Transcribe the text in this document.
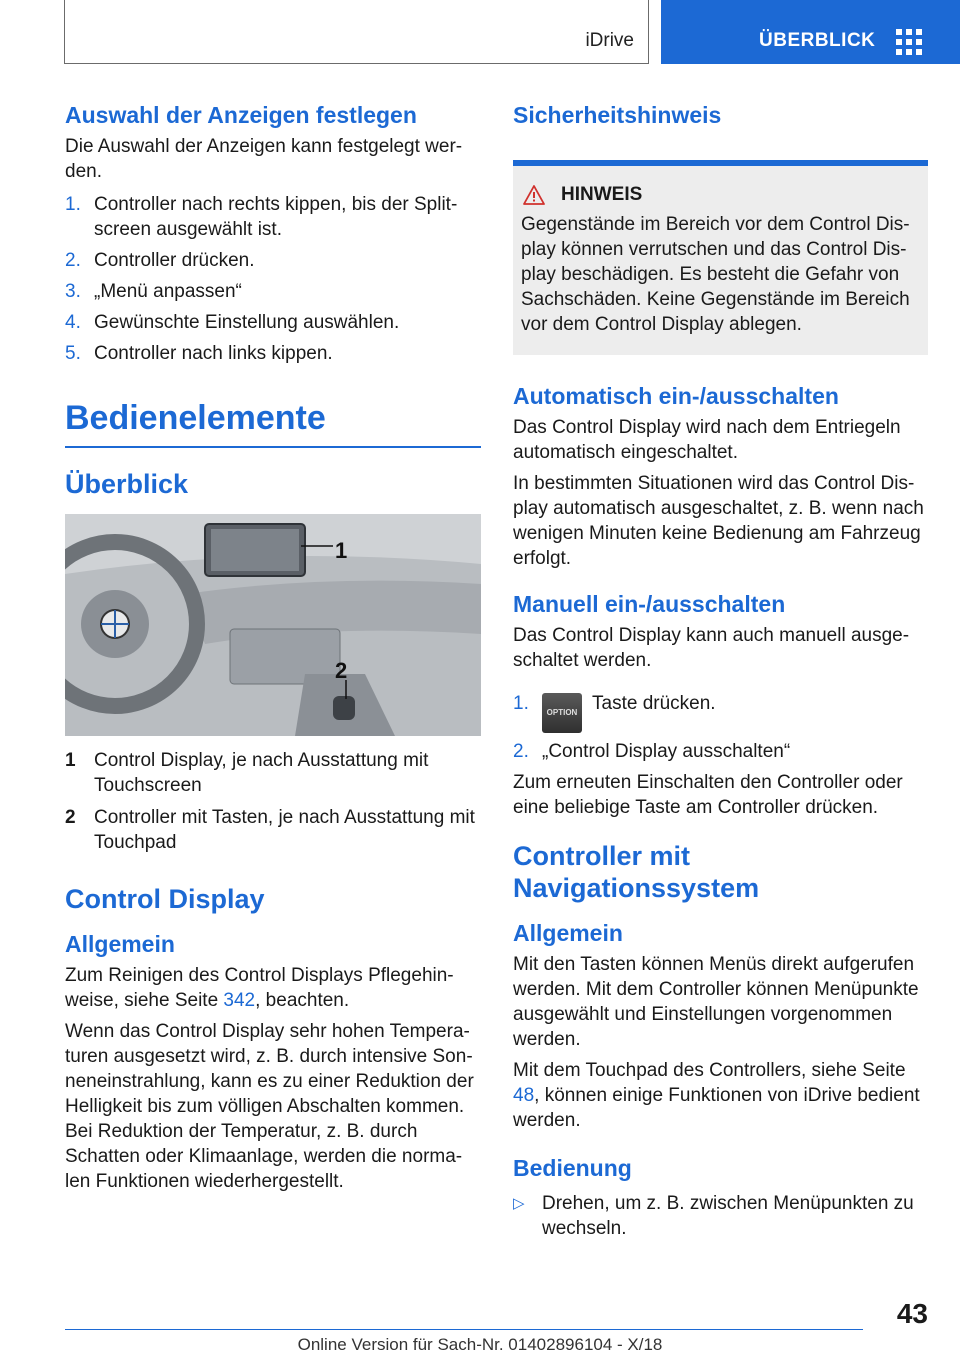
iDrive	ÜBERBLICK
Auswahl der Anzeigen festlegen

Die Auswahl der Anzeigen kann festgelegt wer‐den.

1. Controller nach rechts kippen, bis der Split‐screen ausgewählt ist.
2. Controller drücken.
3. „Menü anpassen“
4. Gewünschte Einstellung auswählen.
5. Controller nach links kippen.
Bedienelemente
Überblick
1
2
1 Control Display, je nach Ausstattung mit Touchscreen
2 Controller mit Tasten, je nach Ausstattung mit Touchpad
Control Display
Allgemein

Zum Reinigen des Control Displays Pflegehin‐weise, siehe Seite 342, beachten.

Wenn das Control Display sehr hohen Tempera‐turen ausgesetzt wird, z. B. durch intensive Son‐neneinstrahlung, kann es zu einer Reduktion der Helligkeit bis zum völligen Abschalten kommen. Bei Reduktion der Temperatur, z. B. durch Schatten oder Klimaanlage, werden die norma‐len Funktionen wiederhergestellt.

Sicherheitshinweis
HINWEIS

Gegenstände im Bereich vor dem Control Dis‐play können verrutschen und das Control Dis‐play beschädigen. Es besteht die Gefahr von Sachschäden. Keine Gegenstände im Bereich vor dem Control Display ablegen.

Automatisch ein-/ausschalten

Das Control Display wird nach dem Entriegeln automatisch eingeschaltet.

In bestimmten Situationen wird das Control Dis‐play automatisch ausgeschaltet, z. B. wenn nach wenigen Minuten keine Bedienung am Fahrzeug erfolgt.

Manuell ein-/ausschalten

Das Control Display kann auch manuell ausge‐schaltet werden.

1. OPTION Taste drücken.
2. „Control Display ausschalten“

Zum erneuten Einschalten den Controller oder eine beliebige Taste am Controller drücken.

Controller mit Navigationssystem
Allgemein

Mit den Tasten können Menüs direkt aufgerufen werden. Mit dem Controller können Menüpunkte ausgewählt und Einstellungen vorgenommen werden.

Mit dem Touchpad des Controllers, siehe Seite 48, können einige Funktionen von iDrive bedient werden.

Bedienung
▷ Drehen, um z. B. zwischen Menüpunkten zu wechseln.
43
Online Version für Sach-Nr. 01402896104 - X/18
